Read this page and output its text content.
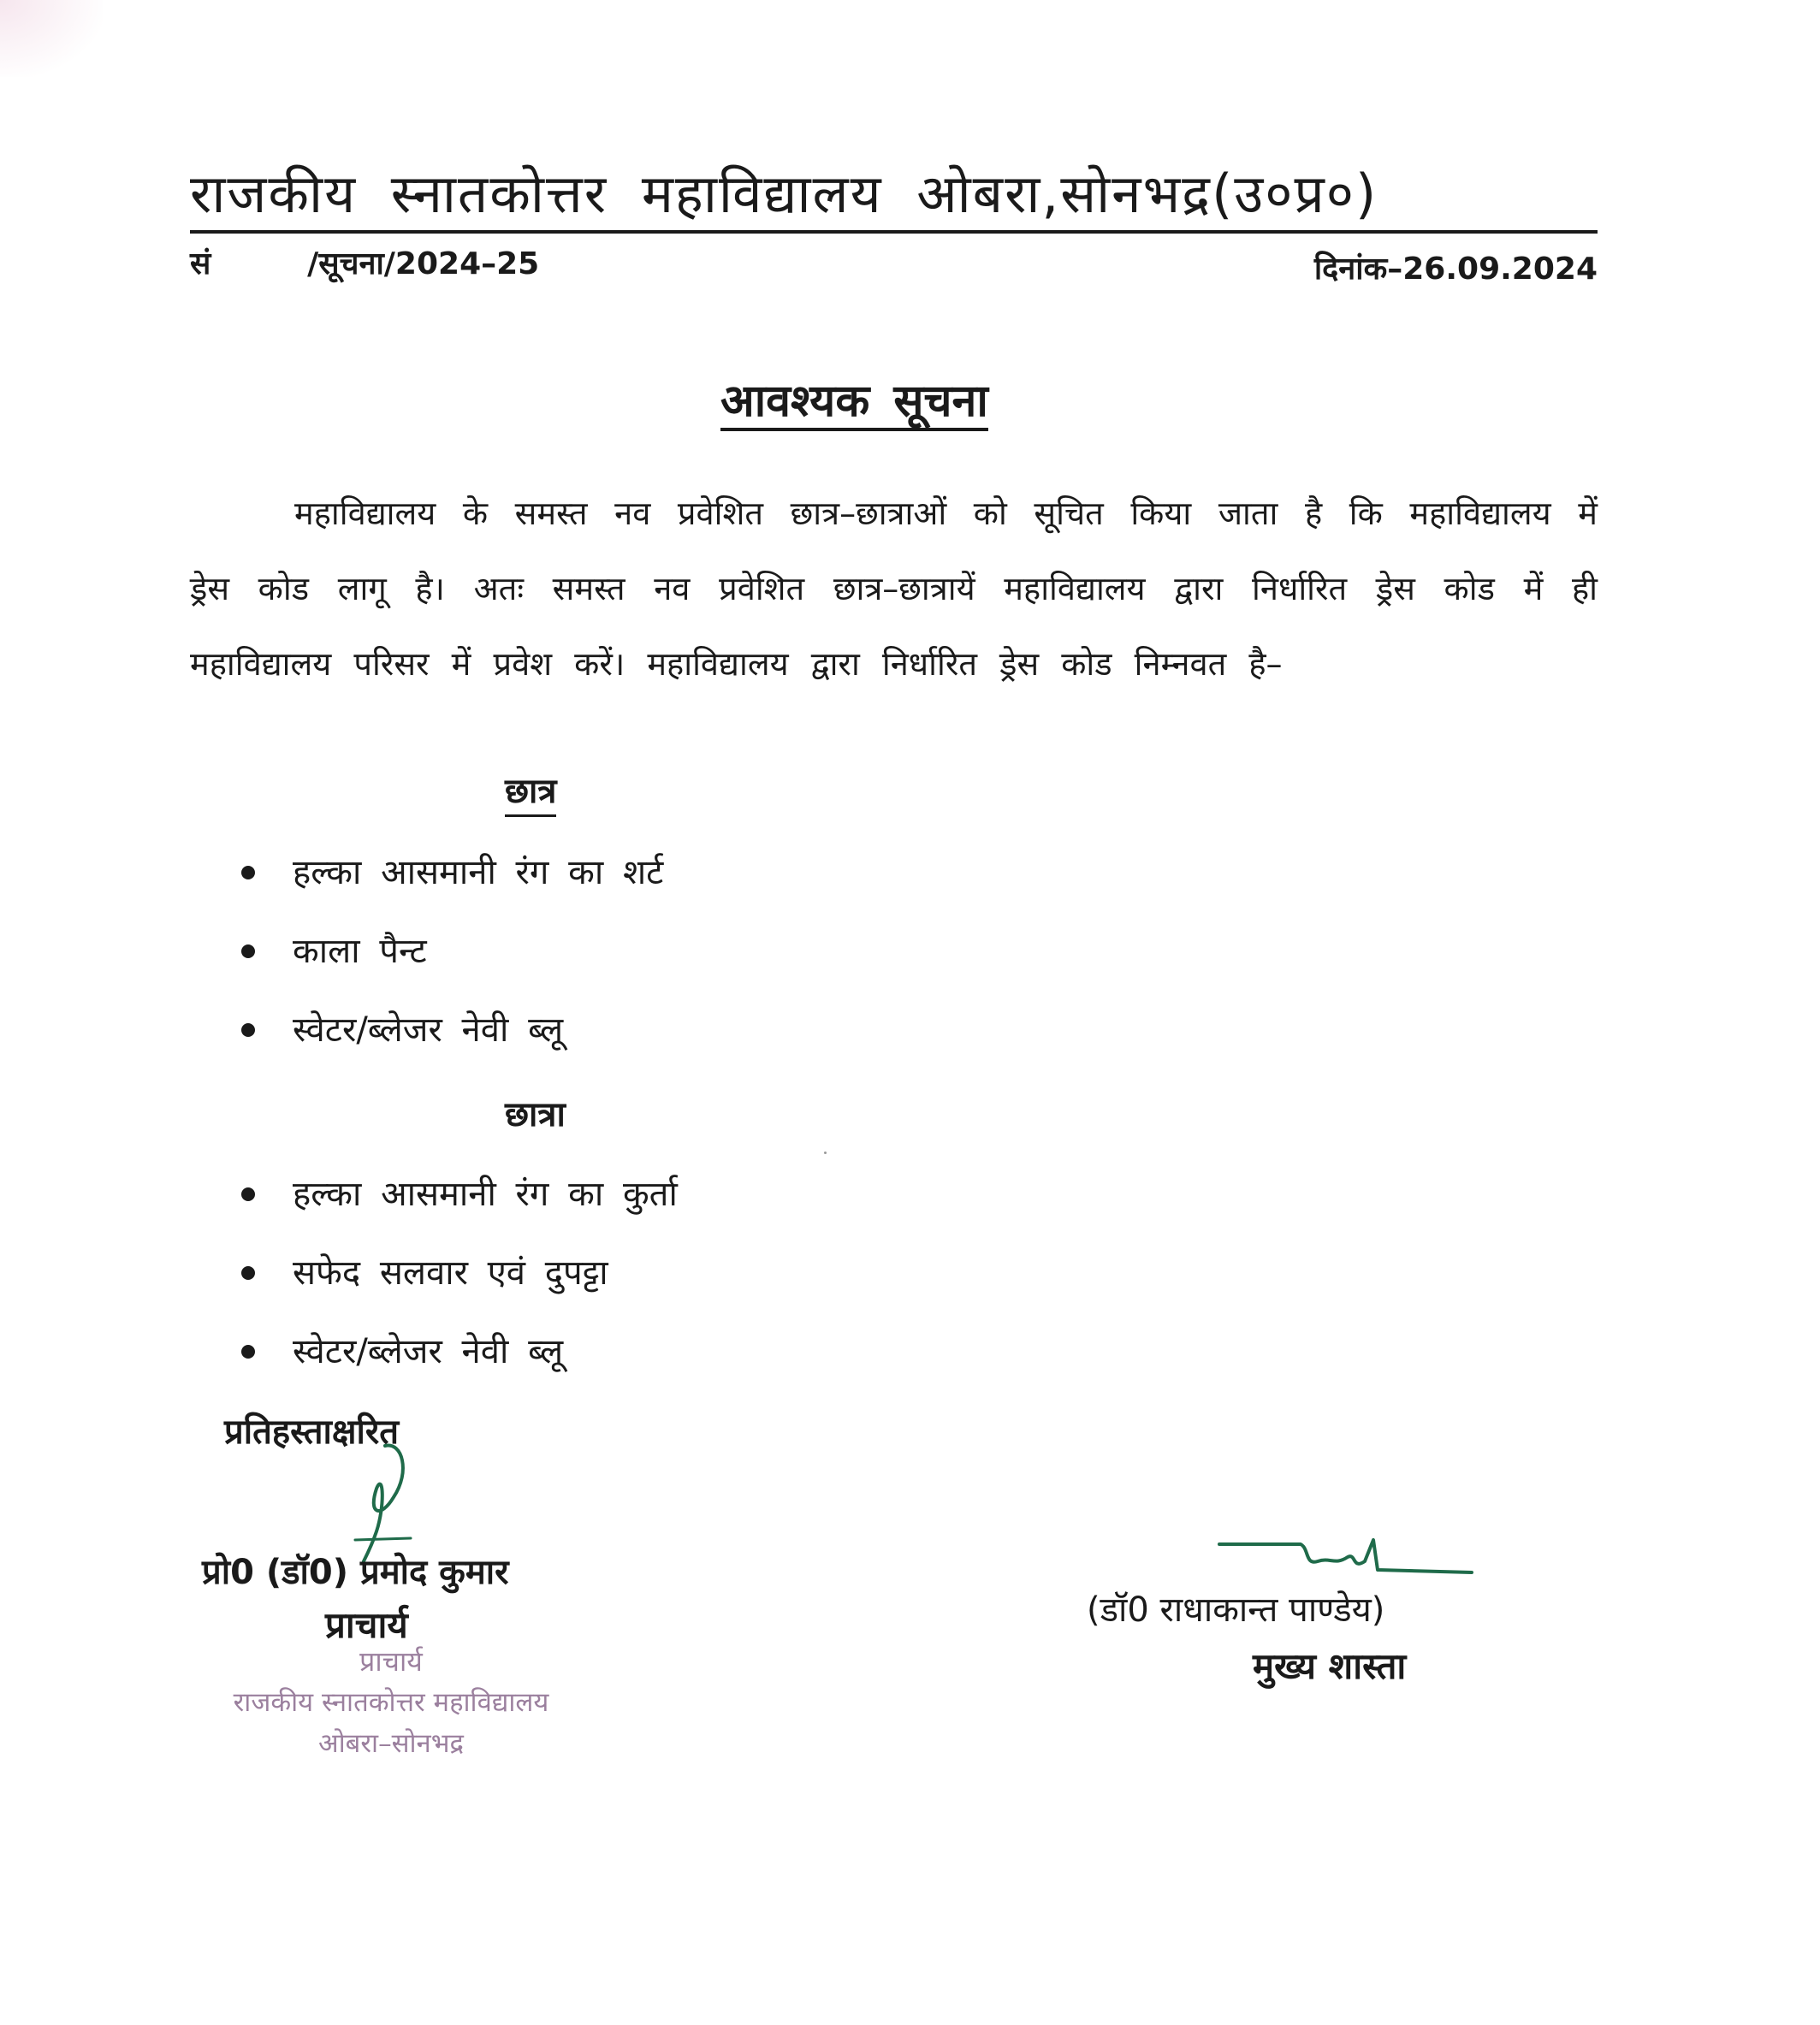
राजकीय स्नातकोत्तर महाविद्यालय ओबरा,सोनभद्र(उ०प्र०)
सं         /सूचना/2024–25	दिनांक–26.09.2024
आवश्यक सूचना

महाविद्यालय के समस्त नव प्रवेशित छात्र–छात्राओं को सूचित किया जाता है कि महाविद्यालय में ड्रेस कोड लागू है। अतः समस्त नव प्रवेशित छात्र–छात्रायें महाविद्यालय द्वारा निर्धारित ड्रेस कोड में ही महाविद्यालय परिसर में प्रवेश करें। महाविद्यालय द्वारा निर्धारित ड्रेस कोड निम्नवत है–

छात्र
हल्का आसमानी रंग का शर्ट
काला पैन्ट
स्वेटर/ब्लेजर नेवी ब्लू
छात्रा
हल्का आसमानी रंग का कुर्ता
सफेद सलवार एवं दुपट्टा
स्वेटर/ब्लेजर नेवी ब्लू
प्रतिहस्ताक्षरित
प्रो0 (डॉ0) प्रमोद कुमार
प्राचार्य
प्राचार्य
राजकीय स्नातकोत्तर महाविद्यालय
ओबरा–सोनभद्र
(डॉ0 राधाकान्त पाण्डेय)
मुख्य शास्ता
